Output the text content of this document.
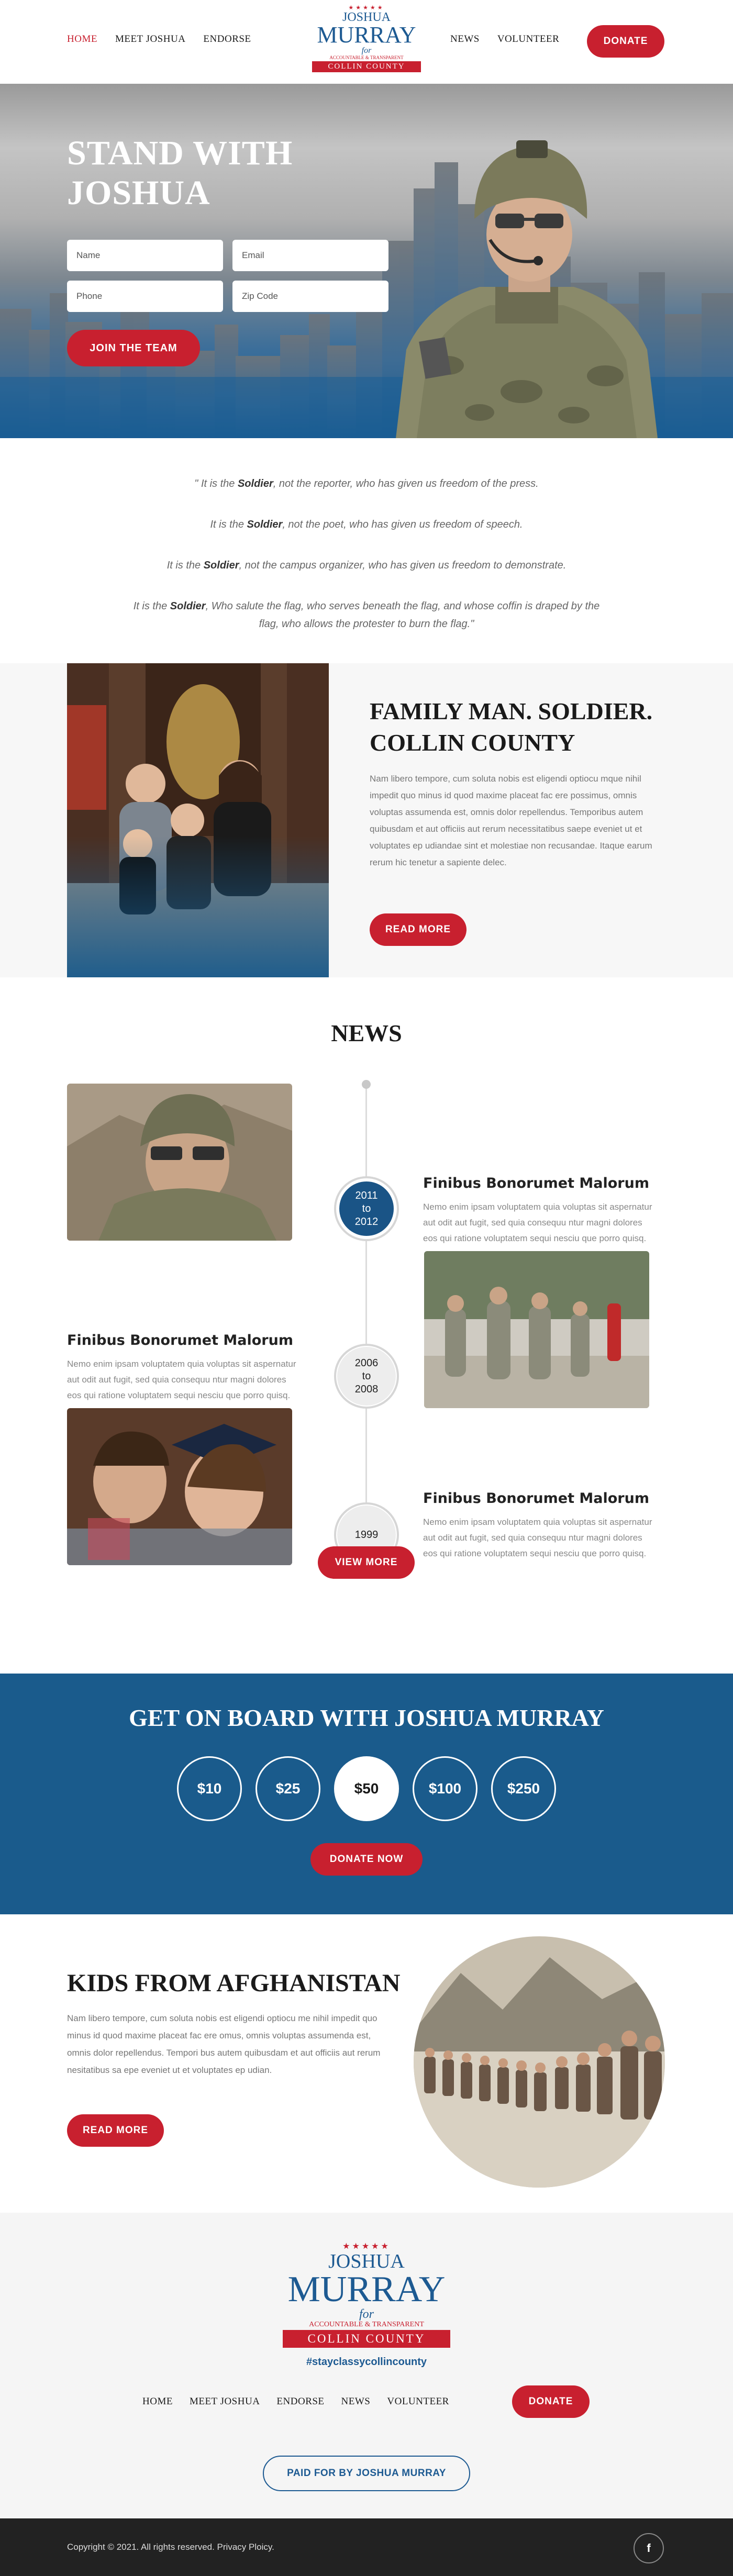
HOME MEET JOSHUA ENDORSE
★★★★★
JOSHUA
MURRAY
for
ACCOUNTABLE & TRANSPARENT
COLLIN COUNTY
NEWS VOLUNTEER	DONATE
STAND WITH
JOSHUA
Name
Email
Phone
Zip Code
JOIN THE TEAM

" It is the Soldier, not the reporter, who has given us freedom of the press.

It is the Soldier, not the poet, who has given us freedom of speech.

It is the Soldier, not the campus organizer, who has given us freedom to demonstrate.

It is the Soldier, Who salute the flag, who serves beneath the flag, and whose coffin is draped by the flag, who allows the protester to burn the flag."

FAMILY MAN. SOLDIER. COLLIN COUNTY

Nam libero tempore, cum soluta nobis est eligendi optiocu mque nihil impedit quo minus id quod maxime placeat fac ere possimus, omnis voluptas assumenda est, omnis dolor repellendus. Temporibus autem quibusdam et aut officiis aut rerum necessitatibus saepe eveniet ut et voluptates ep udiandae sint et molestiae non recusandae. Itaque earum rerum hic tenetur a sapiente delec.

READ MORE
NEWS
2011
to
2012
Finibus Bonorumet Malorum

Nemo enim ipsam voluptatem quia voluptas sit aspernatur aut odit aut fugit, sed quia consequu ntur magni dolores eos qui ratione voluptatem sequi nesciu que porro quisq.

Finibus Bonorumet Malorum

Nemo enim ipsam voluptatem quia voluptas sit aspernatur aut odit aut fugit, sed quia consequu ntur magni dolores eos qui ratione voluptatem sequi nesciu que porro quisq.

2006
to
2008
1999
Finibus Bonorumet Malorum

Nemo enim ipsam voluptatem quia voluptas sit aspernatur aut odit aut fugit, sed quia consequu ntur magni dolores eos qui ratione voluptatem sequi nesciu que porro quisq.

VIEW MORE
GET ON BOARD WITH JOSHUA MURRAY
$10	$25	$50	$100	$250
DONATE NOW
KIDS FROM AFGHANISTAN

Nam libero tempore, cum soluta nobis est eligendi optiocu me nihil impedit quo minus id quod maxime placeat fac ere omus, omnis voluptas assumenda est, omnis dolor repellendus. Tempori bus autem quibusdam et aut officiis aut rerum nesitatibus sa epe eveniet ut et voluptates ep udian.

READ MORE
★★★★★
JOSHUA
MURRAY
for
ACCOUNTABLE & TRANSPARENT
COLLIN COUNTY
#stayclassycollincounty
HOME MEET JOSHUA ENDORSE NEWS VOLUNTEER	DONATE
PAID FOR BY JOSHUA MURRAY
Copyright © 2021. All rights reserved. Privacy Ploicy.	f
